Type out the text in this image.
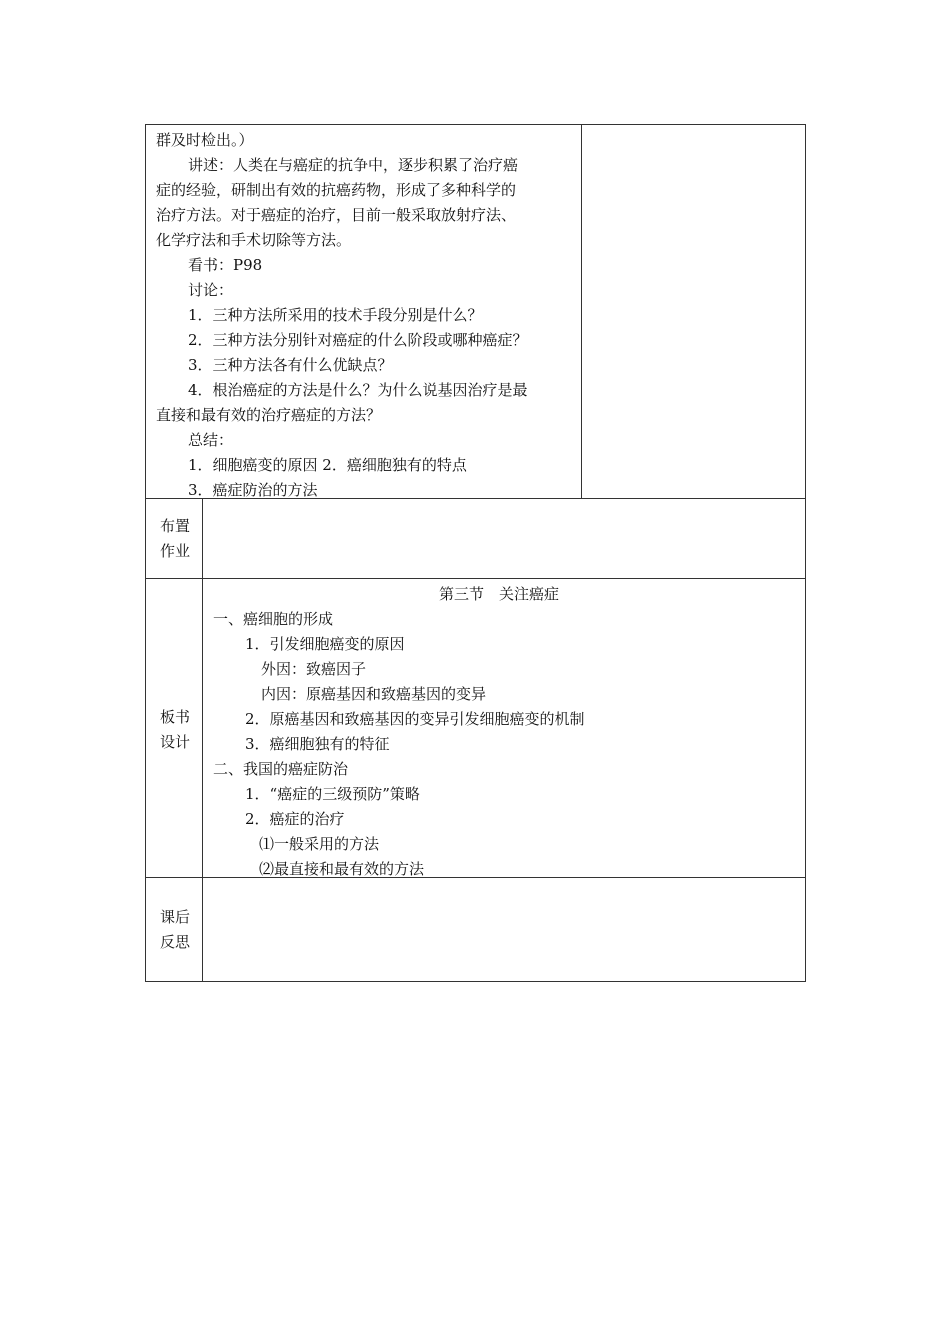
群及时检出。）
讲述：人类在与癌症的抗争中，逐步积累了治疗癌
症的经验，研制出有效的抗癌药物，形成了多种科学的
治疗方法。对于癌症的治疗，目前一般采取放射疗法、
化学疗法和手术切除等方法。
看书：P98
讨论：
1．三种方法所采用的技术手段分别是什么？
2．三种方法分别针对癌症的什么阶段或哪种癌症？
3．三种方法各有什么优缺点？
4．根治癌症的方法是什么？为什么说基因治疗是最
直接和最有效的治疗癌症的方法？
总结：
1．细胞癌变的原因 2．癌细胞独有的特点
3．癌症防治的方法
布置
作业
板书
设计
第三节　关注癌症
一、癌细胞的形成
1．引发细胞癌变的原因
外因：致癌因子
内因：原癌基因和致癌基因的变异
2．原癌基因和致癌基因的变异引发细胞癌变的机制
3．癌细胞独有的特征
二、我国的癌症防治
1．“癌症的三级预防”策略
2．癌症的治疗
⑴一般采用的方法
⑵最直接和最有效的方法
课后
反思
